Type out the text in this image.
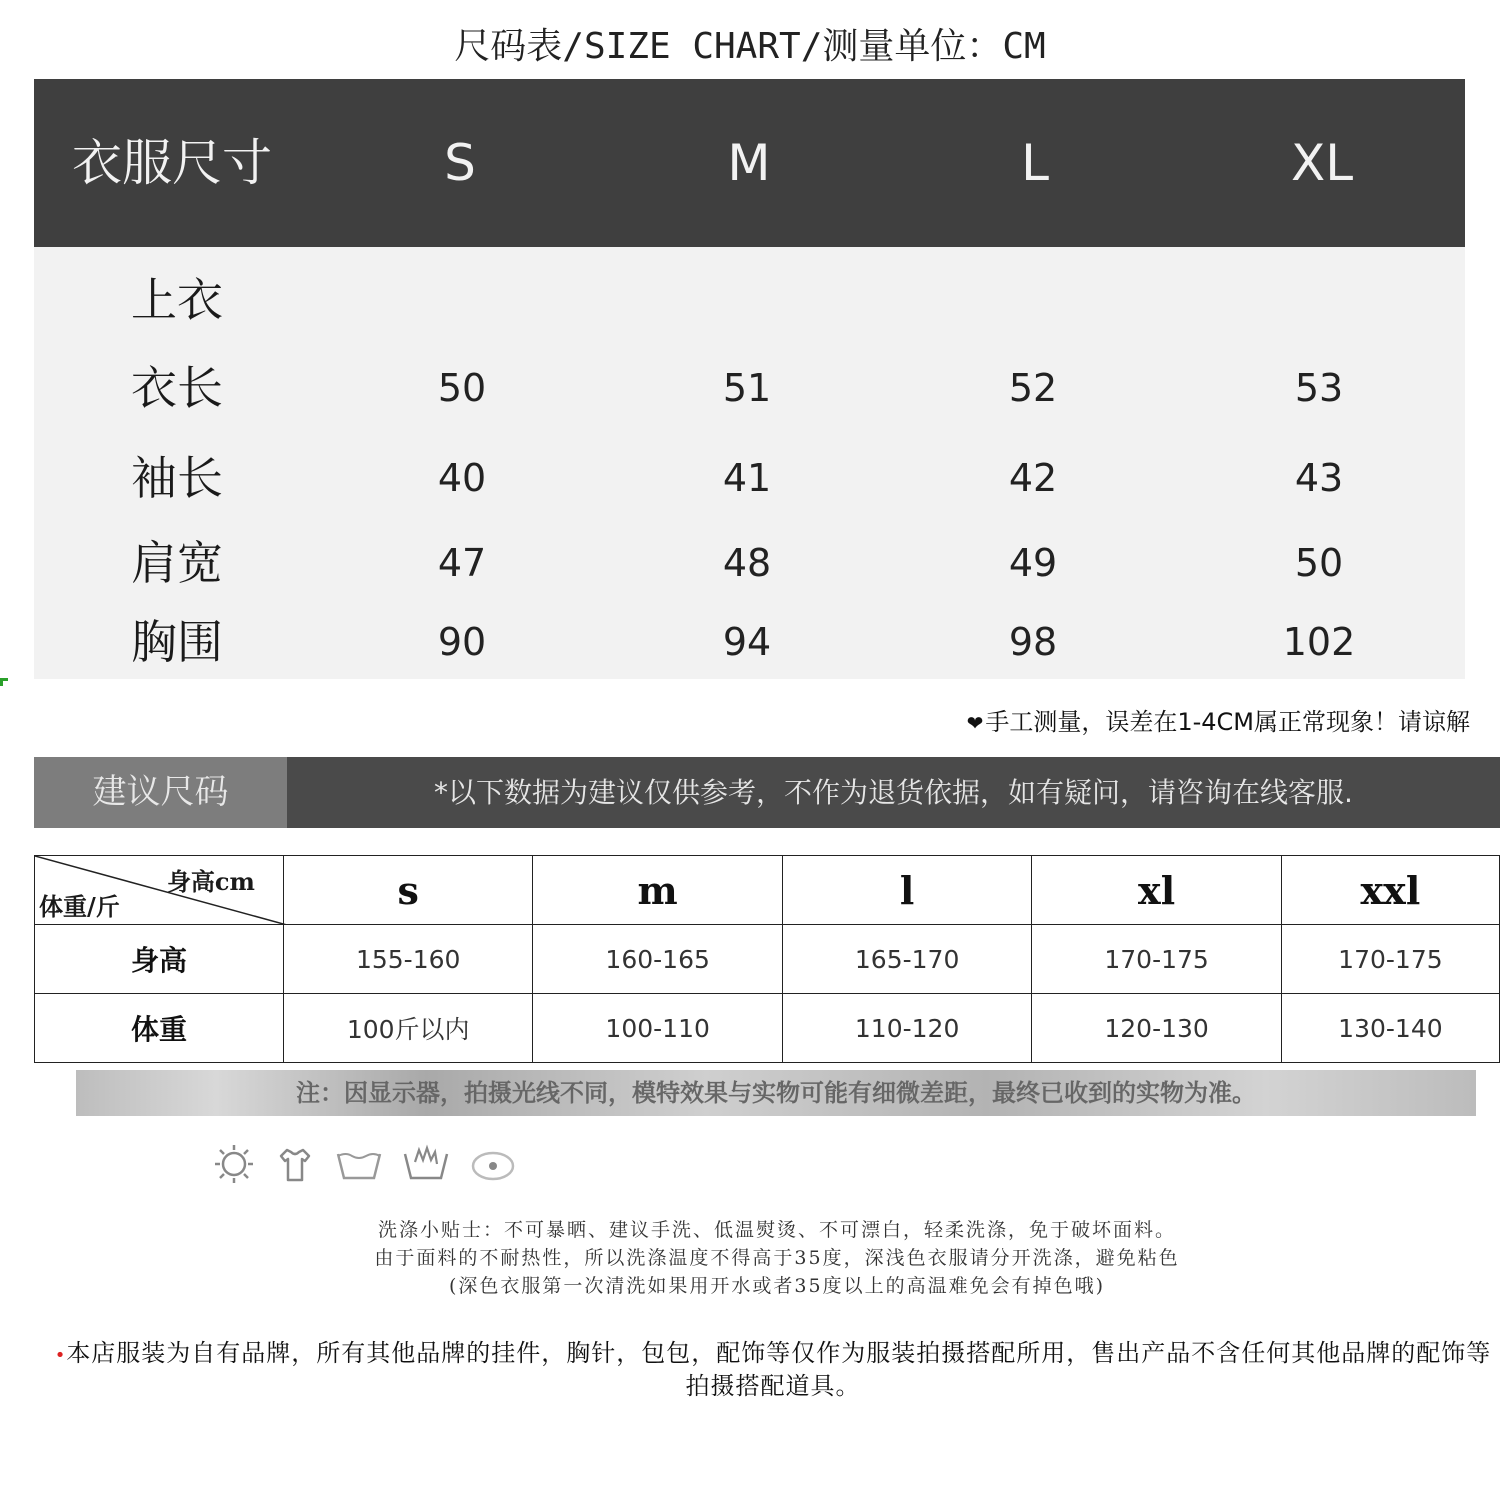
尺码表/SIZE CHART/测量单位：CM
衣服尺寸	S	M	L	XL
上衣
衣长	50	51	52	53
袖长	40	41	42	43
肩宽	47	48	49	50
胸围	90	94	98	102
❤手工测量，误差在1-4CM属正常现象！请谅解
建议尺码	*以下数据为建议仅供参考，不作为退货依据，如有疑问，请咨询在线客服.
身高cm
体重/斤	s	m	l	xl	xxl
身高	155-160	160-165	165-170	170-175	170-175
体重	100斤以内	100-110	110-120	120-130	130-140
注：因显示器，拍摄光线不同，模特效果与实物可能有细微差距，最终已收到的实物为准。

洗涤小贴士：不可暴晒、建议手洗、低温熨烫、不可漂白，轻柔洗涤，免于破坏面料。
由于面料的不耐热性，所以洗涤温度不得高于35度，深浅色衣服请分开洗涤，避免粘色
(深色衣服第一次清洗如果用开水或者35度以上的高温难免会有掉色哦)
•本店服装为自有品牌，所有其他品牌的挂件，胸针，包包，配饰等仅作为服装拍摄搭配所用，售出产品不含任何其他品牌的配饰等拍摄搭配道具。
